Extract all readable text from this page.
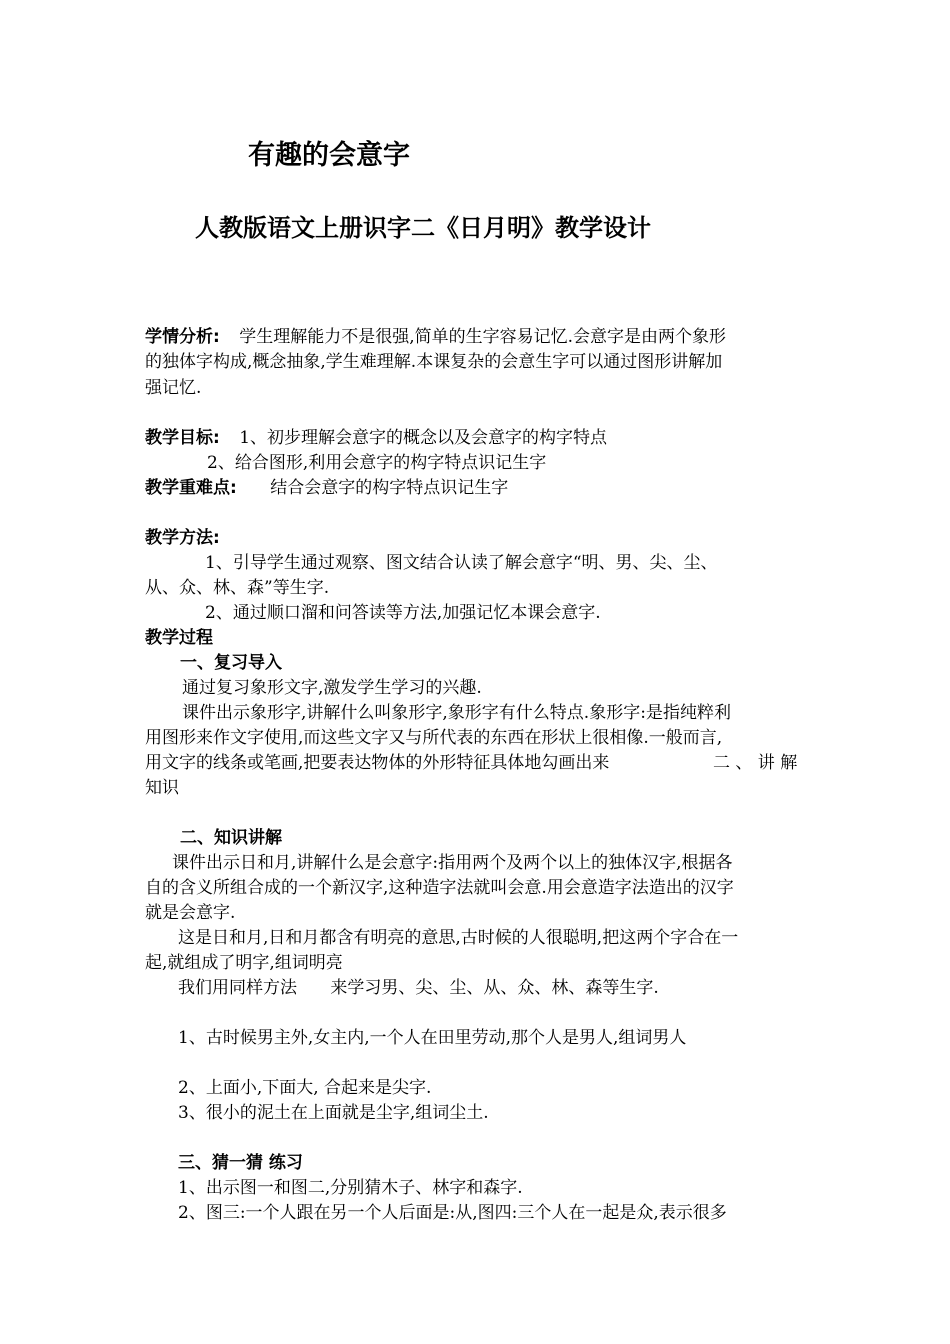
有趣的会意字
人教版语文上册识字二《日月明》教学设计
学情分析: 学生理解能力不是很强,简单的生字容易记忆.会意字是由两个象形
的独体字构成,概念抽象,学生难理解.本课复杂的会意生字可以通过图形讲解加
强记忆.
教学目标: 1、初步理解会意字的概念以及会意字的构字特点
2、给合图形,利用会意字的构字特点识记生字
教学重难点: 结合会意字的构字特点识记生字
教学方法:
1、引导学生通过观察、图文结合认读了解会意字“明、男、尖、尘、
从、众、林、森”等生字.
2、通过顺口溜和问答读等方法,加强记忆本课会意字.
教学过程
一、复习导入
通过复习象形文字,激发学生学习的兴趣.
课件出示象形字,讲解什么叫象形字,象形字有什么特点.象形字:是指纯粹利
用图形来作文字使用,而这些文字又与所代表的东西在形状上很相像.一般而言,
用文字的线条或笔画,把要表达物体的外形特征具体地勾画出来	二 、 讲 解
知识
二、知识讲解
课件出示日和月,讲解什么是会意字:指用两个及两个以上的独体汉字,根据各
自的含义所组合成的一个新汉字,这种造字法就叫会意.用会意造字法造出的汉字
就是会意字.
这是日和月,日和月都含有明亮的意思,古时候的人很聪明,把这两个字合在一
起,就组成了明字,组词明亮
我们用同样方法 来学习男、尖、尘、从、众、林、森等生字.
1、古时候男主外,女主内,一个人在田里劳动,那个人是男人,组词男人
2、上面小,下面大, 合起来是尖字.
3、很小的泥土在上面就是尘字,组词尘土.
三、猜一猜 练习
1、出示图一和图二,分别猜木子、林字和森字.
2、图三:一个人跟在另一个人后面是:从,图四:三个人在一起是众,表示很多
